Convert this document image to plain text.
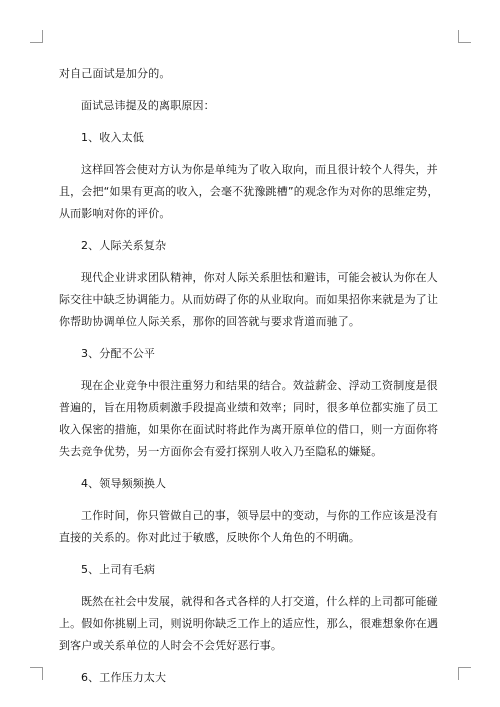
对自己面试是加分的。

面试忌讳提及的离职原因：

1、收入太低

这样回答会使对方认为你是单纯为了收入取向，而且很计较个人得失，并且，会把“如果有更高的收入，会毫不犹豫跳槽”的观念作为对你的思维定势，从而影响对你的评价。

2、人际关系复杂

现代企业讲求团队精神，你对人际关系胆怯和避讳，可能会被认为你在人际交往中缺乏协调能力。从而妨碍了你的从业取向。而如果招你来就是为了让你帮助协调单位人际关系，那你的回答就与要求背道而驰了。

3、分配不公平

现在企业竞争中很注重努力和结果的结合。效益薪金、浮动工资制度是很普遍的，旨在用物质刺激手段提高业绩和效率；同时，很多单位都实施了员工收入保密的措施，如果你在面试时将此作为离开原单位的借口，则一方面你将失去竞争优势，另一方面你会有爱打探别人收入乃至隐私的嫌疑。

4、领导频频换人

工作时间，你只管做自己的事，领导层中的变动，与你的工作应该是没有直接的关系的。你对此过于敏感，反映你个人角色的不明确。

5、上司有毛病

既然在社会中发展，就得和各式各样的人打交道，什么样的上司都可能碰上。假如你挑剔上司，则说明你缺乏工作上的适应性，那么，很难想象你在遇到客户或关系单位的人时会不会凭好恶行事。

6、工作压力太大
